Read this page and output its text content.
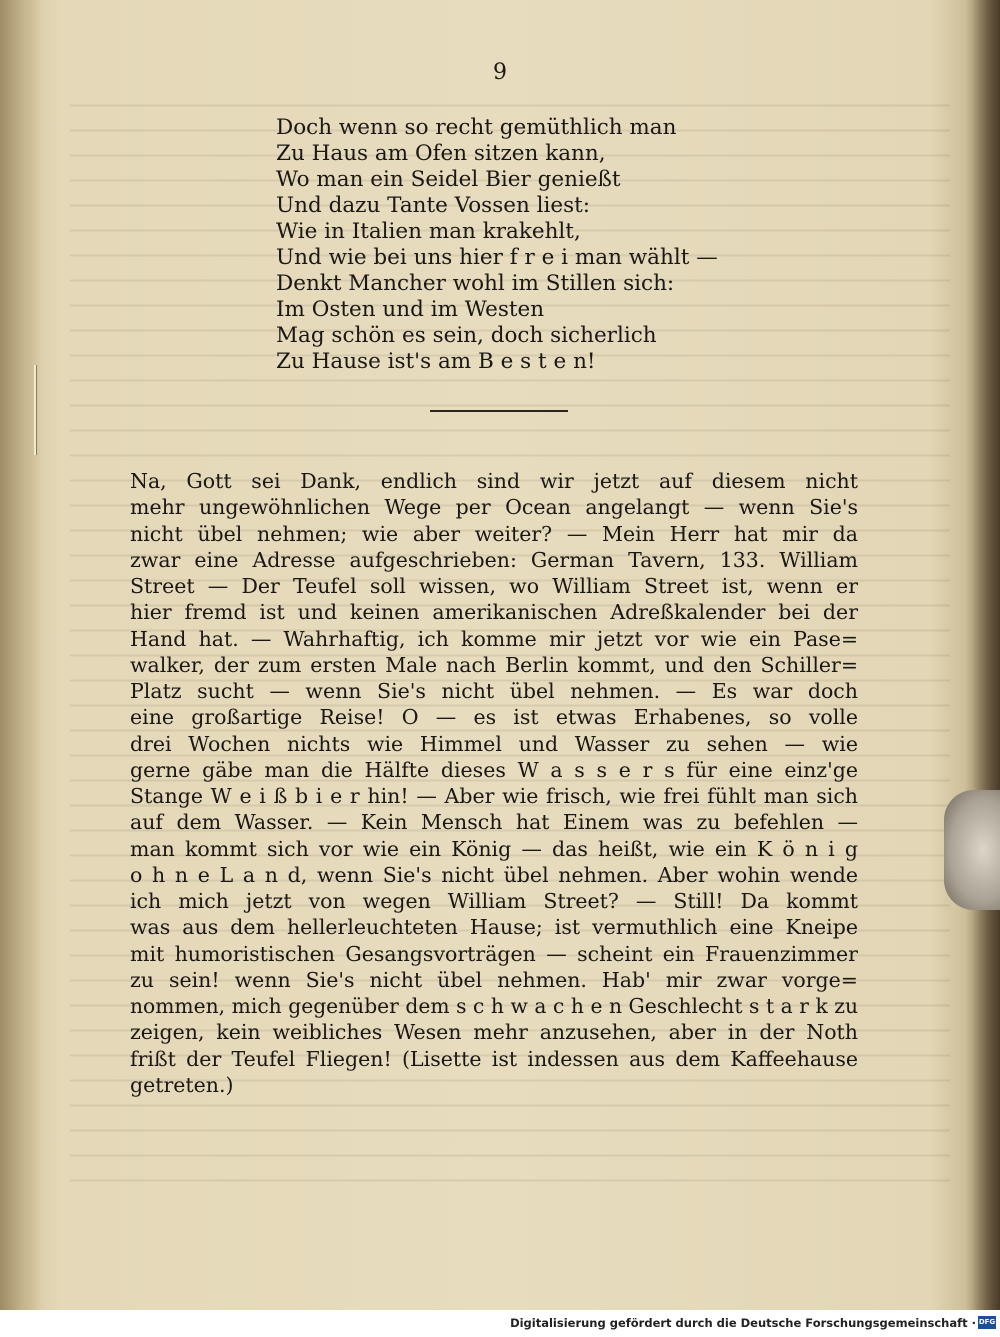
9
Doch wenn so recht gemüthlich man
Zu Haus am Ofen sitzen kann,
Wo man ein Seidel Bier genießt
Und dazu Tante Vossen liest:
Wie in Italien man krakehlt,
Und wie bei uns hier f r e i man wählt —
Denkt Mancher wohl im Stillen sich:
Im Osten und im Westen
Mag schön es sein, doch sicherlich
Zu Hause ist's am B e s t e n!
Na, Gott sei Dank, endlich sind wir jetzt auf diesem nicht
mehr ungewöhnlichen Wege per Ocean angelangt — wenn Sie's
nicht übel nehmen; wie aber weiter? — Mein Herr hat mir da
zwar eine Adresse aufgeschrieben: German Tavern, 133. William
Street — Der Teufel soll wissen, wo William Street ist, wenn er
hier fremd ist und keinen amerikanischen Adreßkalender bei der
Hand hat. — Wahrhaftig, ich komme mir jetzt vor wie ein Pase=
walker, der zum ersten Male nach Berlin kommt, und den Schiller=
Platz sucht — wenn Sie's nicht übel nehmen. — Es war doch
eine großartige Reise! O — es ist etwas Erhabenes, so volle
drei Wochen nichts wie Himmel und Wasser zu sehen — wie
gerne gäbe man die Hälfte dieses W a s s e r s für eine einz'ge
Stange W e i ß b i e r hin! — Aber wie frisch, wie frei fühlt man sich
auf dem Wasser. — Kein Mensch hat Einem was zu befehlen —
man kommt sich vor wie ein König — das heißt, wie ein K ö n i g
o h n e L a n d, wenn Sie's nicht übel nehmen. Aber wohin wende
ich mich jetzt von wegen William Street? — Still! Da kommt
was aus dem hellerleuchteten Hause; ist vermuthlich eine Kneipe
mit humoristischen Gesangsvorträgen — scheint ein Frauenzimmer
zu sein! wenn Sie's nicht übel nehmen. Hab' mir zwar vorge=
nommen, mich gegenüber dem s c h w a c h e n Geschlecht s t a r k zu
zeigen, kein weibliches Wesen mehr anzusehen, aber in der Noth
frißt der Teufel Fliegen! (Lisette ist indessen aus dem Kaffeehause
getreten.)
Digitalisierung gefördert durch die Deutsche Forschungsgemeinschaft · DFG
